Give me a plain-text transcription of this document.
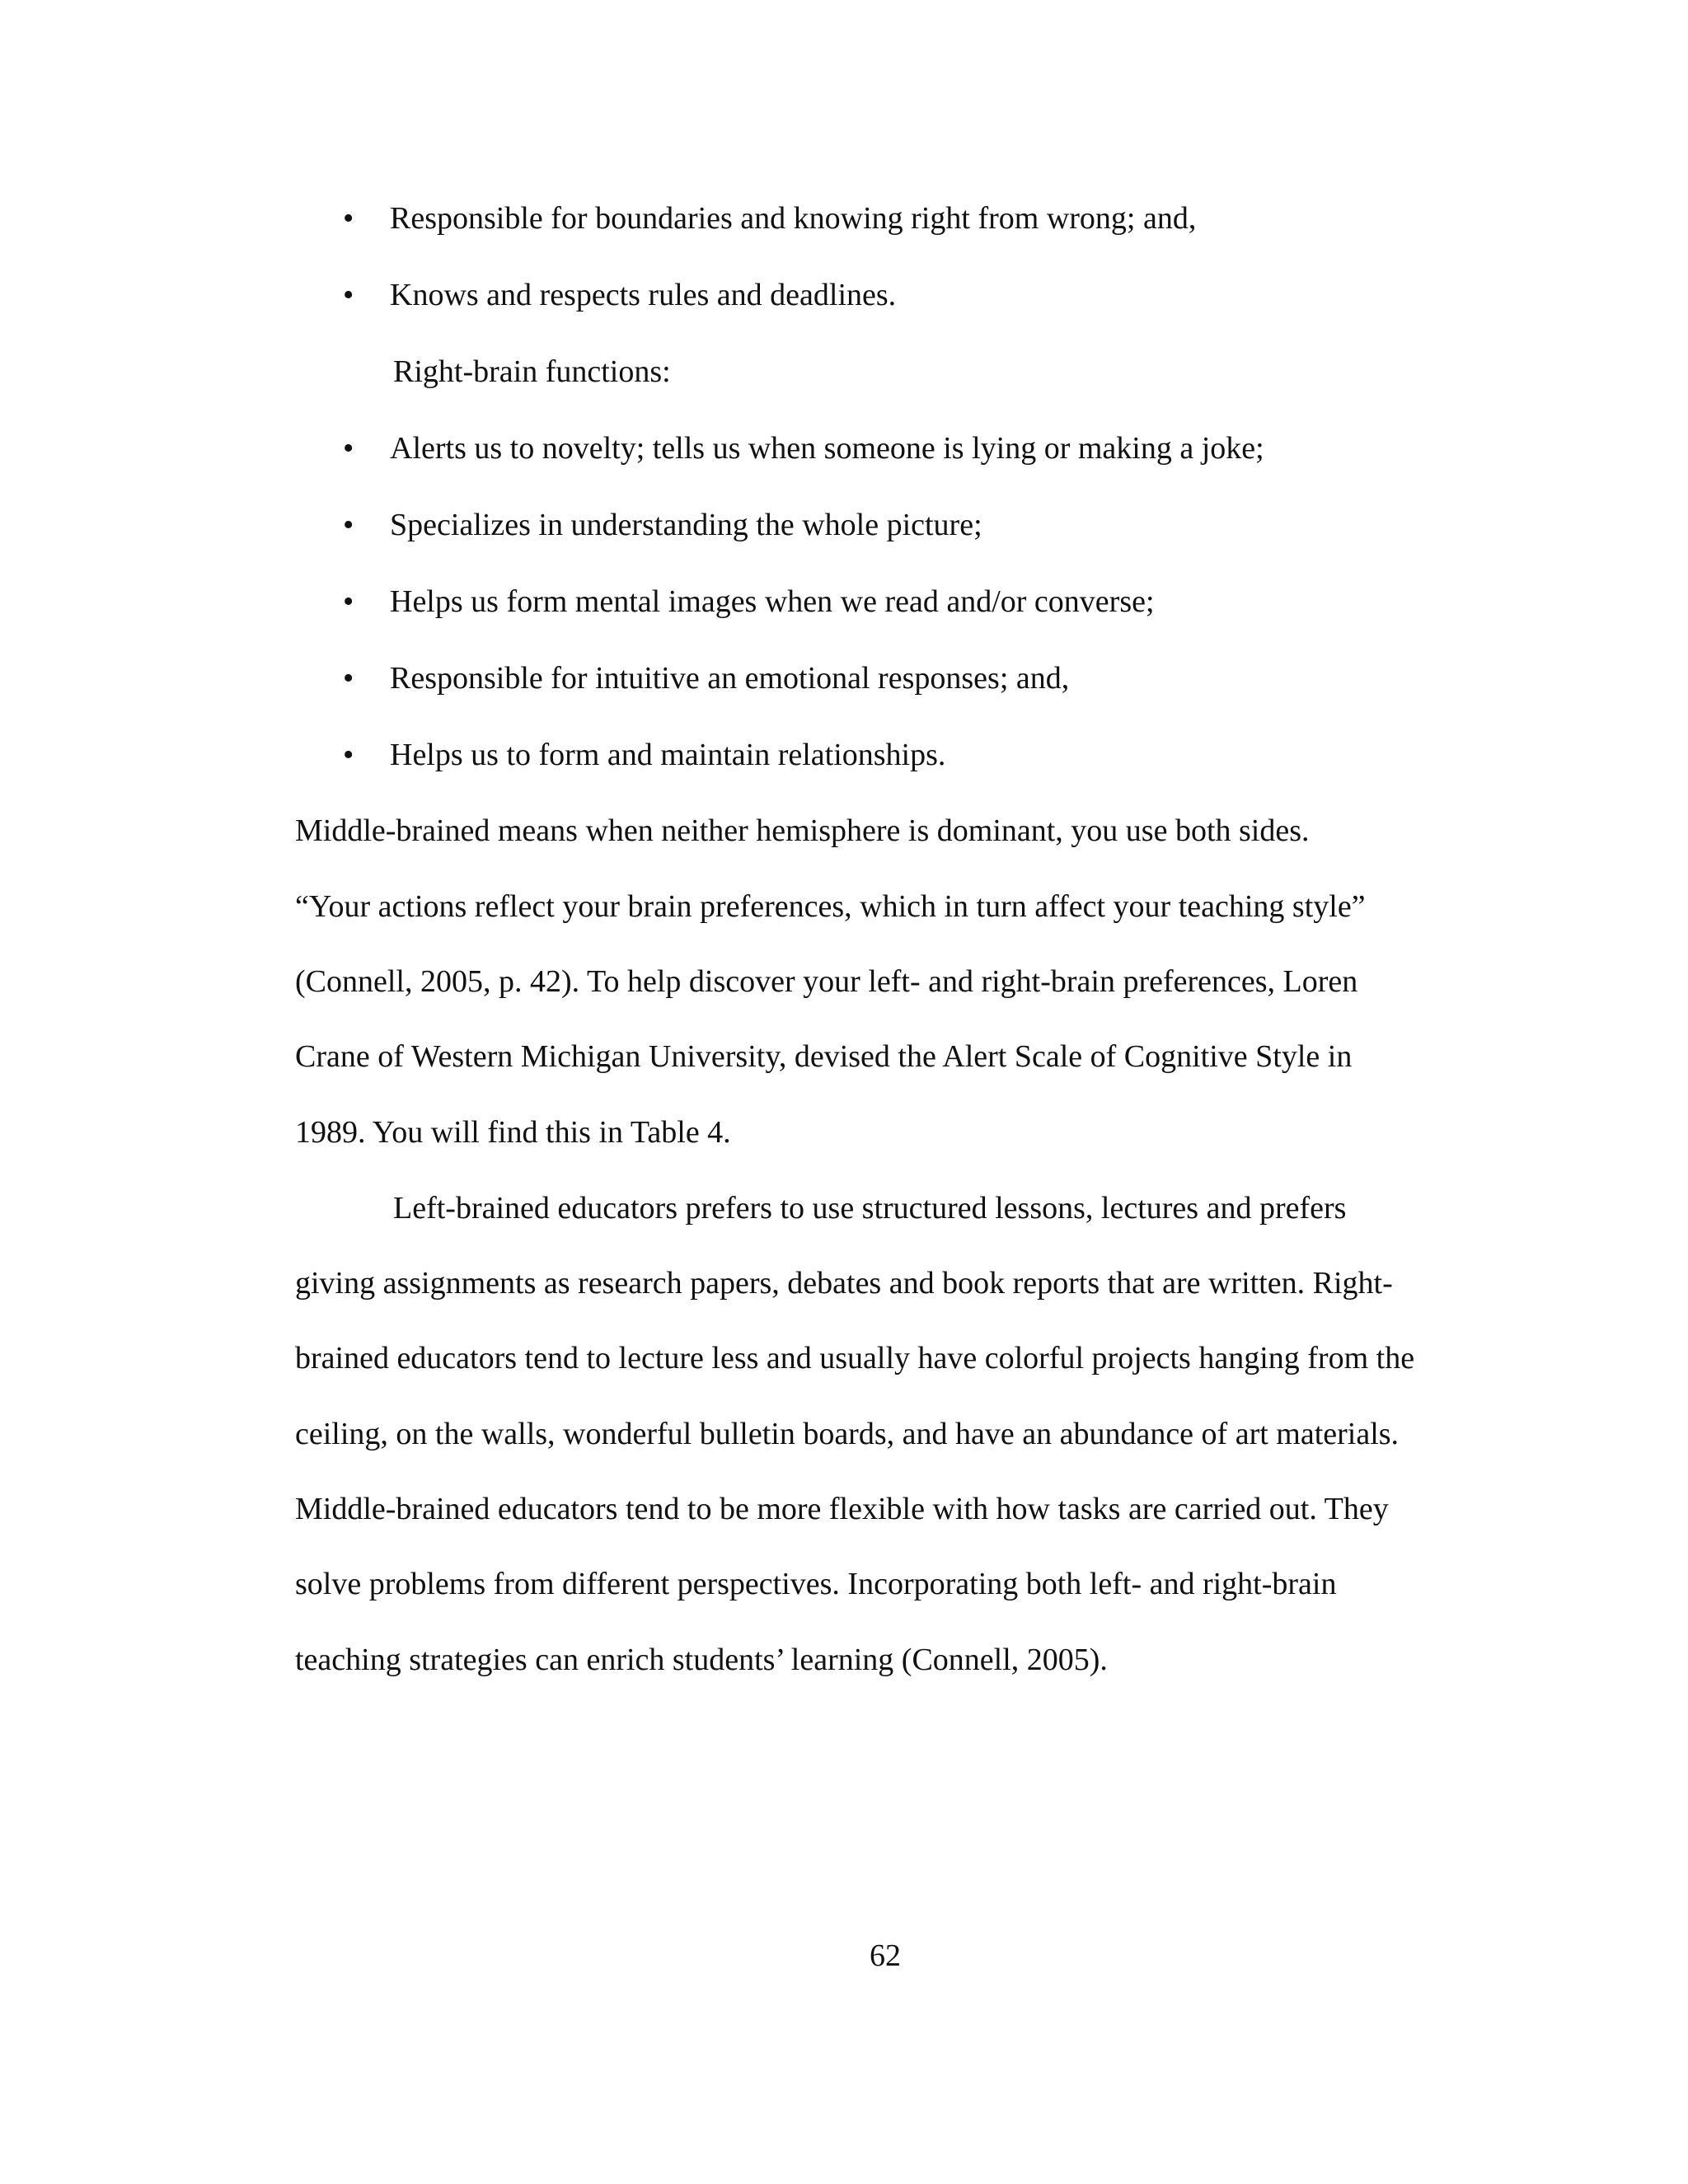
•	Responsible for boundaries and knowing right from wrong; and,
•	Knows and respects rules and deadlines.
Right-brain functions:
•	Alerts us to novelty; tells us when someone is lying or making a joke;
•	Specializes in understanding the whole picture;
•	Helps us form mental images when we read and/or converse;
•	Responsible for intuitive an emotional responses; and,
•	Helps us to form and maintain relationships.
Middle-brained means when neither hemisphere is dominant, you use both sides.
“Your actions reflect your brain preferences, which in turn affect your teaching style”
(Connell, 2005, p. 42). To help discover your left- and right-brain preferences, Loren
Crane of Western Michigan University, devised the Alert Scale of Cognitive Style in
1989. You will find this in Table 4.
Left-brained educators prefers to use structured lessons, lectures and prefers
giving assignments as research papers, debates and book reports that are written. Right-
brained educators tend to lecture less and usually have colorful projects hanging from the
ceiling, on the walls, wonderful bulletin boards, and have an abundance of art materials.
Middle-brained educators tend to be more flexible with how tasks are carried out. They
solve problems from different perspectives. Incorporating both left- and right-brain
teaching strategies can enrich students’ learning (Connell, 2005).
62
